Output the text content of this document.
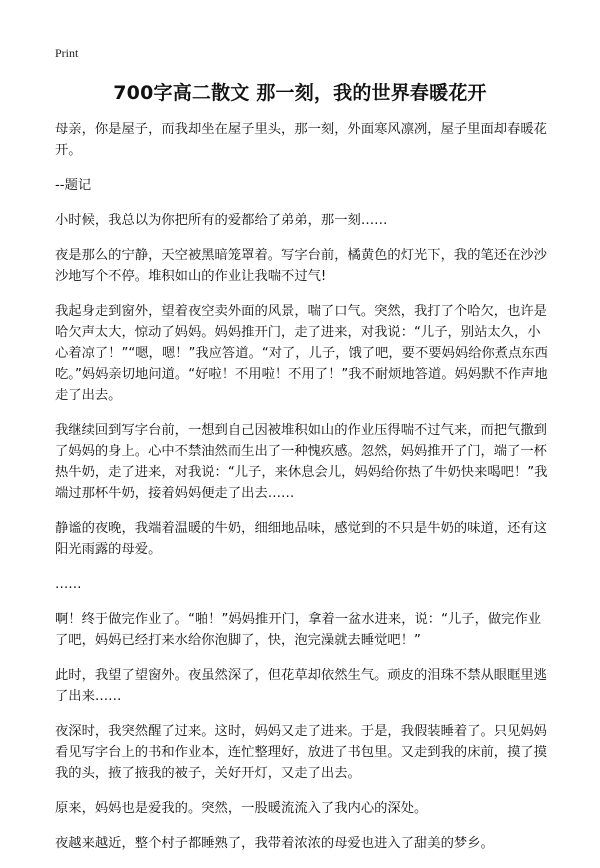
Print
700字高二散文 那一刻，我的世界春暖花开

母亲，你是屋子，而我却坐在屋子里头，那一刻，外面寒风凛冽，屋子里面却春暖花开。

--题记

小时候，我总以为你把所有的爱都给了弟弟，那一刻……

夜是那么的宁静，天空被黑暗笼罩着。写字台前，橘黄色的灯光下，我的笔还在沙沙沙地写个不停。堆积如山的作业让我喘不过气!

我起身走到窗外，望着夜空卖外面的风景，喘了口气。突然，我打了个哈欠，也许是哈欠声太大，惊动了妈妈。妈妈推开门，走了进来，对我说：“儿子，别站太久，小心着凉了！”“嗯，嗯！”我应答道。“对了，儿子，饿了吧，要不要妈妈给你煮点东西吃。”妈妈亲切地问道。“好啦！不用啦！不用了！”我不耐烦地答道。妈妈默不作声地走了出去。

我继续回到写字台前，一想到自己因被堆积如山的作业压得喘不过气来，而把气撒到了妈妈的身上。心中不禁油然而生出了一种愧疚感。忽然，妈妈推开了门，端了一杯热牛奶，走了进来，对我说：“儿子，来休息会儿，妈妈给你热了牛奶快来喝吧！”我端过那杯牛奶，接着妈妈便走了出去……

静谧的夜晚，我端着温暖的牛奶，细细地品味，感觉到的不只是牛奶的味道，还有这阳光雨露的母爱。

……

啊！终于做完作业了。“啪！”妈妈推开门，拿着一盆水进来，说：“儿子，做完作业了吧，妈妈已经打来水给你泡脚了，快，泡完澡就去睡觉吧！”

此时，我望了望窗外。夜虽然深了，但花草却依然生气。顽皮的泪珠不禁从眼眶里逃了出来……

夜深时，我突然醒了过来。这时，妈妈又走了进来。于是，我假装睡着了。只见妈妈看见写字台上的书和作业本，连忙整理好，放进了书包里。又走到我的床前，摸了摸我的头，掖了掖我的被子，关好开灯，又走了出去。

原来，妈妈也是爱我的。突然，一股暖流流入了我内心的深处。

夜越来越近，整个村子都睡熟了，我带着浓浓的母爱也进入了甜美的梦乡。
